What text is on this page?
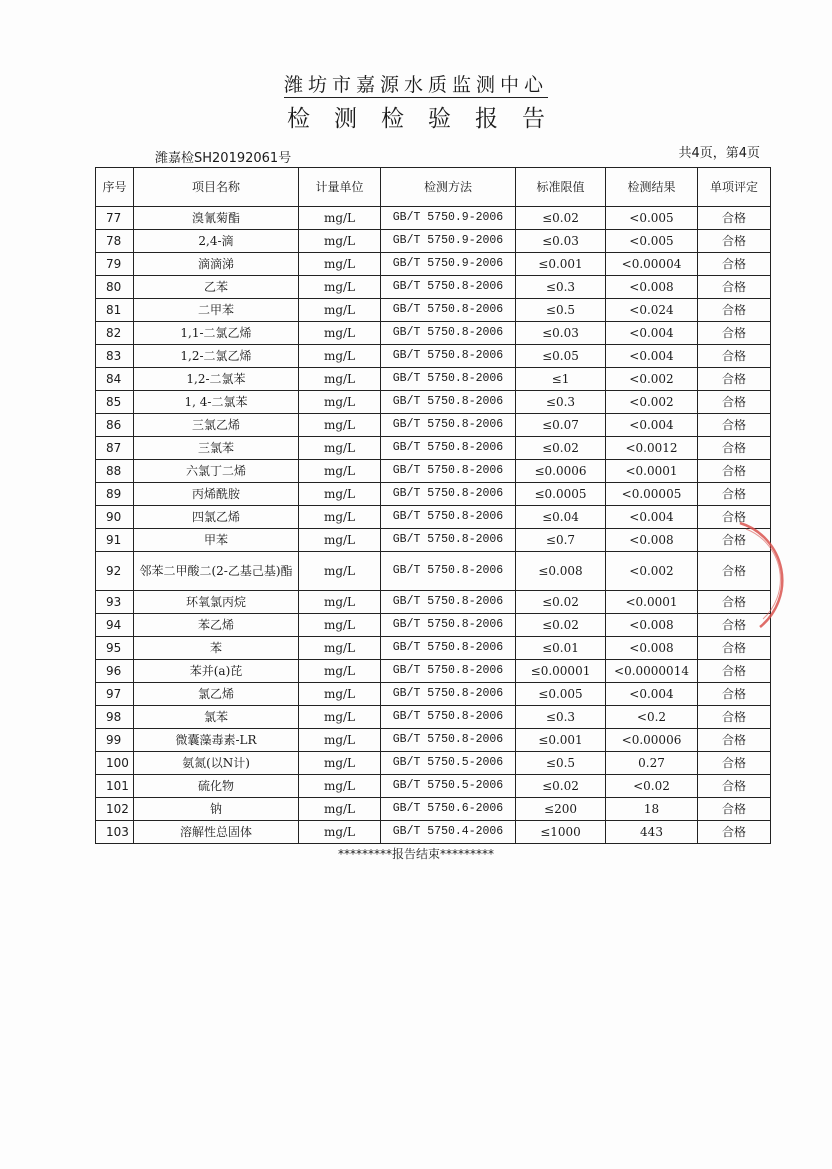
潍坊市嘉源水质监测中心
检测检验报告
潍嘉检SH20192061号	共4页，第4页
序号	项目名称	计量单位	检测方法	标准限值	检测结果	单项评定
77	溴氰菊酯	mg/L	GB/T 5750.9-2006	≤0.02	<0.005	合格
78	2,4-滴	mg/L	GB/T 5750.9-2006	≤0.03	<0.005	合格
79	滴滴涕	mg/L	GB/T 5750.9-2006	≤0.001	<0.00004	合格
80	乙苯	mg/L	GB/T 5750.8-2006	≤0.3	<0.008	合格
81	二甲苯	mg/L	GB/T 5750.8-2006	≤0.5	<0.024	合格
82	1,1-二氯乙烯	mg/L	GB/T 5750.8-2006	≤0.03	<0.004	合格
83	1,2-二氯乙烯	mg/L	GB/T 5750.8-2006	≤0.05	<0.004	合格
84	1,2-二氯苯	mg/L	GB/T 5750.8-2006	≤1	<0.002	合格
85	1, 4-二氯苯	mg/L	GB/T 5750.8-2006	≤0.3	<0.002	合格
86	三氯乙烯	mg/L	GB/T 5750.8-2006	≤0.07	<0.004	合格
87	三氯苯	mg/L	GB/T 5750.8-2006	≤0.02	<0.0012	合格
88	六氯丁二烯	mg/L	GB/T 5750.8-2006	≤0.0006	<0.0001	合格
89	丙烯酰胺	mg/L	GB/T 5750.8-2006	≤0.0005	<0.00005	合格
90	四氯乙烯	mg/L	GB/T 5750.8-2006	≤0.04	<0.004	合格
91	甲苯	mg/L	GB/T 5750.8-2006	≤0.7	<0.008	合格
92	邻苯二甲酸二(2-乙基己基)酯	mg/L	GB/T 5750.8-2006	≤0.008	<0.002	合格
93	环氧氯丙烷	mg/L	GB/T 5750.8-2006	≤0.02	<0.0001	合格
94	苯乙烯	mg/L	GB/T 5750.8-2006	≤0.02	<0.008	合格
95	苯	mg/L	GB/T 5750.8-2006	≤0.01	<0.008	合格
96	苯并(a)芘	mg/L	GB/T 5750.8-2006	≤0.00001	<0.0000014	合格
97	氯乙烯	mg/L	GB/T 5750.8-2006	≤0.005	<0.004	合格
98	氯苯	mg/L	GB/T 5750.8-2006	≤0.3	<0.2	合格
99	微囊藻毒素-LR	mg/L	GB/T 5750.8-2006	≤0.001	<0.00006	合格
100	氨氮(以N计)	mg/L	GB/T 5750.5-2006	≤0.5	0.27	合格
101	硫化物	mg/L	GB/T 5750.5-2006	≤0.02	<0.02	合格
102	钠	mg/L	GB/T 5750.6-2006	≤200	18	合格
103	溶解性总固体	mg/L	GB/T 5750.4-2006	≤1000	443	合格
*********报告结束*********
